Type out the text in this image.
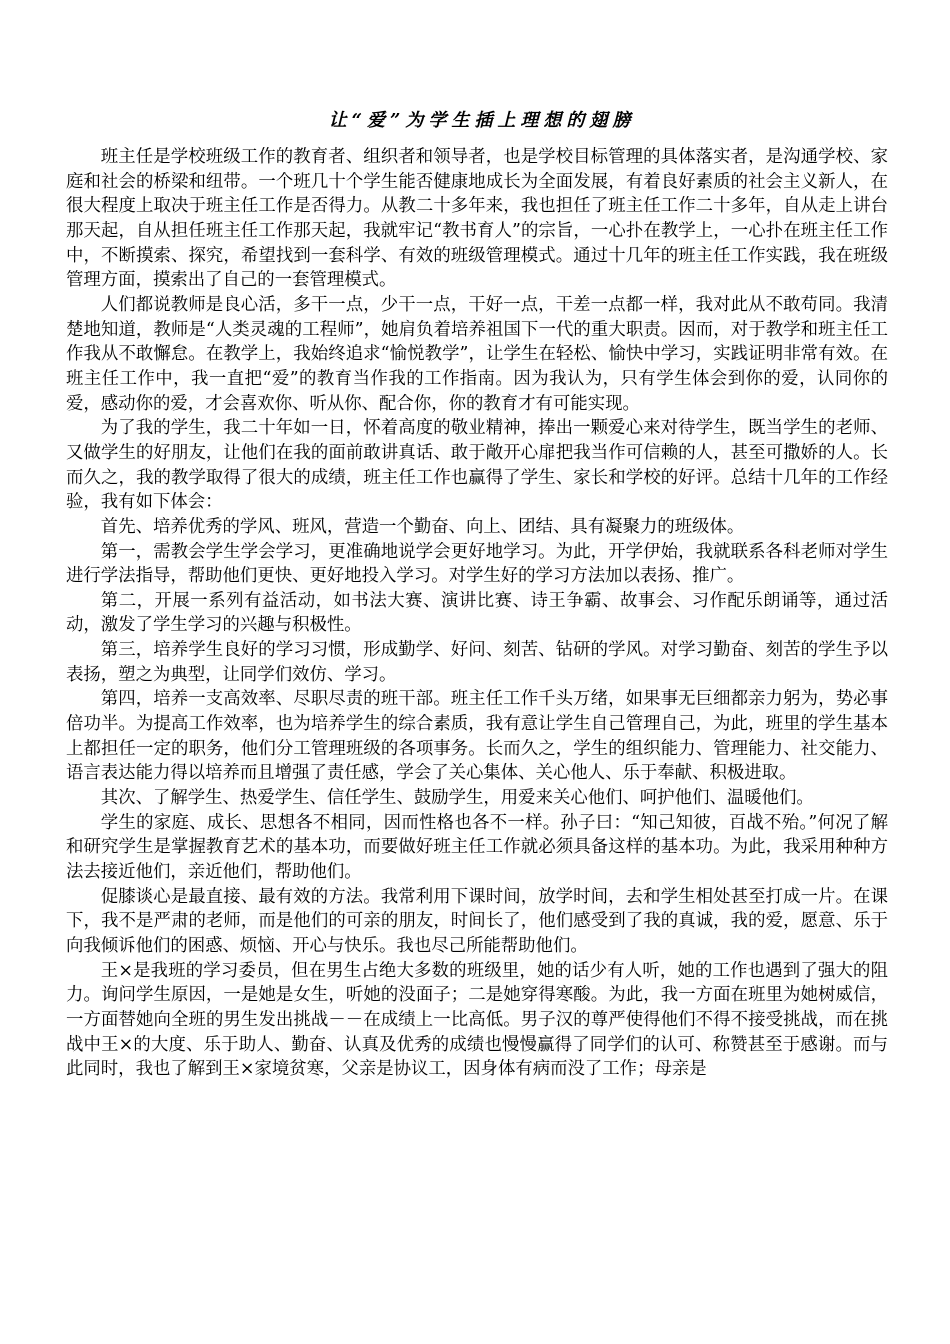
让“爱”为学生插上理想的翅膀

班主任是学校班级工作的教育者、组织者和领导者，也是学校目标管理的具体落实者，是沟通学校、家庭和社会的桥梁和纽带。一个班几十个学生能否健康地成长为全面发展，有着良好素质的社会主义新人，在很大程度上取决于班主任工作是否得力。从教二十多年来，我也担任了班主任工作二十多年，自从走上讲台那天起，自从担任班主任工作那天起，我就牢记“教书育人”的宗旨，一心扑在教学上，一心扑在班主任工作中，不断摸索、探究，希望找到一套科学、有效的班级管理模式。通过十几年的班主任工作实践，我在班级管理方面，摸索出了自己的一套管理模式。

人们都说教师是良心活，多干一点，少干一点，干好一点，干差一点都一样，我对此从不敢苟同。我清楚地知道，教师是“人类灵魂的工程师”，她肩负着培养祖国下一代的重大职责。因而，对于教学和班主任工作我从不敢懈怠。在教学上，我始终追求“愉悦教学”，让学生在轻松、愉快中学习，实践证明非常有效。在班主任工作中，我一直把“爱”的教育当作我的工作指南。因为我认为，只有学生体会到你的爱，认同你的爱，感动你的爱，才会喜欢你、听从你、配合你，你的教育才有可能实现。

为了我的学生，我二十年如一日，怀着高度的敬业精神，捧出一颗爱心来对待学生，既当学生的老师、又做学生的好朋友，让他们在我的面前敢讲真话、敢于敞开心扉把我当作可信赖的人，甚至可撒娇的人。长而久之，我的教学取得了很大的成绩，班主任工作也赢得了学生、家长和学校的好评。总结十几年的工作经验，我有如下体会：

首先、培养优秀的学风、班风，营造一个勤奋、向上、团结、具有凝聚力的班级体。

第一，需教会学生学会学习，更准确地说学会更好地学习。为此，开学伊始，我就联系各科老师对学生进行学法指导，帮助他们更快、更好地投入学习。对学生好的学习方法加以表扬、推广。

第二，开展一系列有益活动，如书法大赛、演讲比赛、诗王争霸、故事会、习作配乐朗诵等，通过活动，激发了学生学习的兴趣与积极性。

第三，培养学生良好的学习习惯，形成勤学、好问、刻苦、钻研的学风。对学习勤奋、刻苦的学生予以表扬，塑之为典型，让同学们效仿、学习。

第四，培养一支高效率、尽职尽责的班干部。班主任工作千头万绪，如果事无巨细都亲力躬为，势必事倍功半。为提高工作效率，也为培养学生的综合素质，我有意让学生自己管理自己，为此，班里的学生基本上都担任一定的职务，他们分工管理班级的各项事务。长而久之，学生的组织能力、管理能力、社交能力、语言表达能力得以培养而且增强了责任感，学会了关心集体、关心他人、乐于奉献、积极进取。

其次、了解学生、热爱学生、信任学生、鼓励学生，用爱来关心他们、呵护他们、温暖他们。

学生的家庭、成长、思想各不相同，因而性格也各不一样。孙子曰：“知己知彼，百战不殆。”何况了解和研究学生是掌握教育艺术的基本功，而要做好班主任工作就必须具备这样的基本功。为此，我采用种种方法去接近他们，亲近他们，帮助他们。

促膝谈心是最直接、最有效的方法。我常利用下课时间，放学时间，去和学生相处甚至打成一片。在课下，我不是严肃的老师，而是他们的可亲的朋友，时间长了，他们感受到了我的真诚，我的爱，愿意、乐于向我倾诉他们的困惑、烦恼、开心与快乐。我也尽己所能帮助他们。

王×是我班的学习委员，但在男生占绝大多数的班级里，她的话少有人听，她的工作也遇到了强大的阻力。询问学生原因，一是她是女生，听她的没面子；二是她穿得寒酸。为此，我一方面在班里为她树威信，一方面替她向全班的男生发出挑战－－在成绩上一比高低。男子汉的尊严使得他们不得不接受挑战，而在挑战中王×的大度、乐于助人、勤奋、认真及优秀的成绩也慢慢赢得了同学们的认可、称赞甚至于感谢。而与此同时，我也了解到王×家境贫寒，父亲是协议工，因身体有病而没了工作；母亲是
